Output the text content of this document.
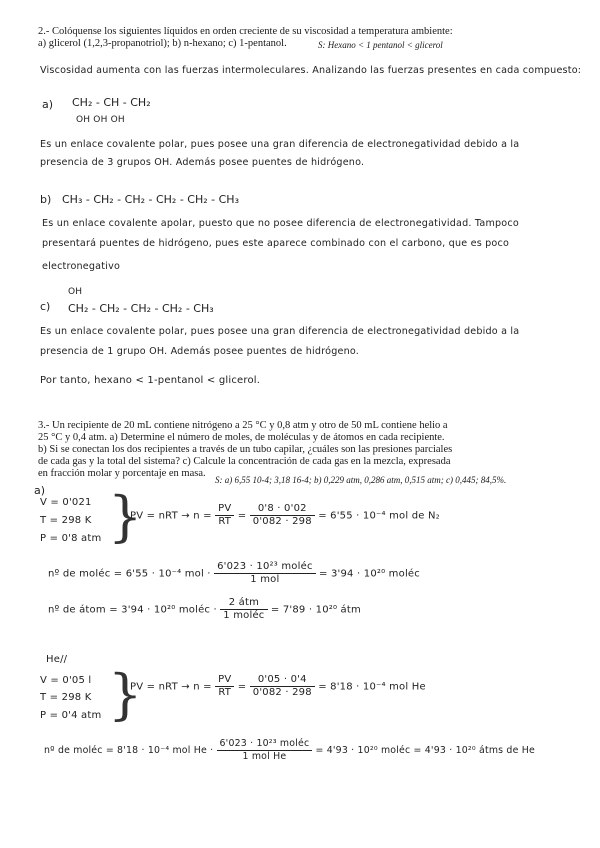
2.- Colóquense los siguientes líquidos en orden creciente de su viscosidad a temperatura ambiente:
a) glicerol (1,2,3-propanotriol); b) n-hexano; c) 1-pentanol.	S: Hexano < 1 pentanol < glicerol
Viscosidad aumenta con las fuerzas intermoleculares. Analizando las fuerzas presentes en cada compuesto:
a) CH₂ - CH - CH₂
OH OH OH
Es un enlace covalente polar, pues posee una gran diferencia de electronegatividad debido a la
presencia de 3 grupos OH. Además posee puentes de hidrógeno.
b) CH₃ - CH₂ - CH₂ - CH₂ - CH₂ - CH₃
Es un enlace covalente apolar, puesto que no posee diferencia de electronegatividad. Tampoco
presentará puentes de hidrógeno, pues este aparece combinado con el carbono, que es poco
electronegativo
OH
c) CH₂ - CH₂ - CH₂ - CH₂ - CH₃
Es un enlace covalente polar, pues posee una gran diferencia de electronegatividad debido a la
presencia de 1 grupo OH. Además posee puentes de hidrógeno.
Por tanto, hexano < 1-pentanol < glicerol.
3.- Un recipiente de 20 mL contiene nitrógeno a 25 °C y 0,8 atm y otro de 50 mL contiene helio a
25 °C y 0,4 atm. a) Determine el número de moles, de moléculas y de átomos en cada recipiente.
b) Si se conectan los dos recipientes a través de un tubo capilar, ¿cuáles son las presiones parciales
de cada gas y la total del sistema? c) Calcule la concentración de cada gas en la mezcla, expresada
en fracción molar y porcentaje en masa.
S: a) 6,55 10-4; 3,18 16-4; b) 0,229 atm, 0,286 atm, 0,515 atm; c) 0,445; 84,5%.
a)
V = 0'021
T = 298 K
P = 0'8 atm }
PV = nRT → $n = \frac{PV}{RT} = \frac{0'8 \cdot 0'02}{0'082 \cdot 298} = 6'55 \cdot 10^{-4}$ mol de N₂
nº de moléc = 6'55 · 10⁻⁴ mol · $\frac{\text{6'023 · 10²³ moléc}}{\text{1 mol}} = 3'94 \cdot 10^{20}$ moléc
nº de átom = 3'94 · 10²⁰ moléc · $\frac{\text{2 átm}}{\text{1 moléc}} = 7'89 \cdot 10^{20}$ átm
He//
V = 0'05 l
T = 298 K
P = 0'4 atm }
PV = nRT → $n = \frac{PV}{RT} = \frac{0'05 \cdot 0'4}{0'082 \cdot 298} = 8'18 \cdot 10^{-4}$ mol He
nº de moléc = 8'18 · 10⁻⁴ mol $He \cdot \frac{\text{6'023 · 10²³ moléc}}{\text{1 mol He}} = 4'93 \cdot 10^{20}$ moléc = 4'93 · 10²⁰ átms de He
